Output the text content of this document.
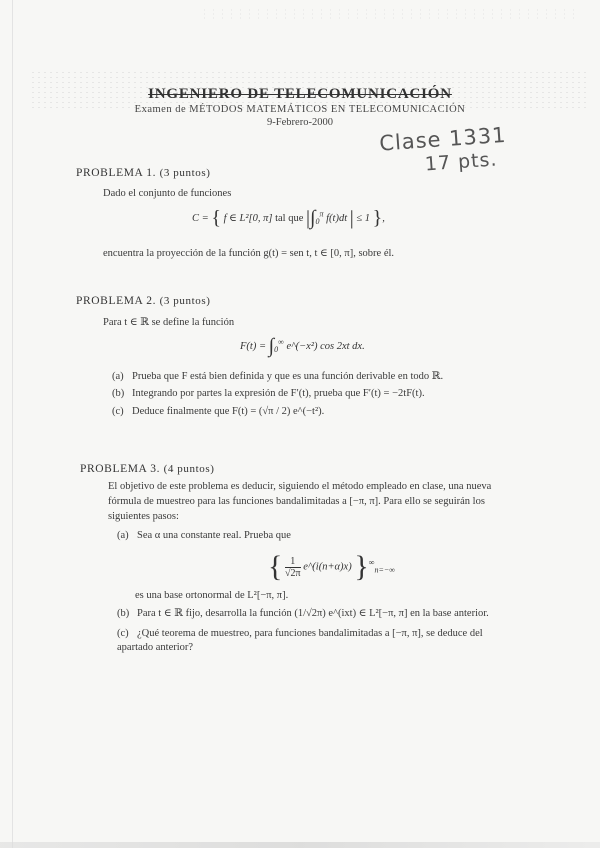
INGENIERO DE TELECOMUNICACIÓN
Examen de MÉTODOS MATEMÁTICOS EN TELECOMUNICACIÓN
9-Febrero-2000
Clase 1331
17 pts.
PROBLEMA 1. (3 puntos)
Dado el conjunto de funciones
C = { f ∈ L²[0, π] tal que $|\int_0^\pi$ f(t)dt | ≤ 1 },
encuentra la proyección de la función g(t) = sen t, t ∈ [0, π], sobre él.
PROBLEMA 2. (3 puntos)
Para t ∈ ℝ se define la función
$F(t) = \int_0^\infty$ e^(−x²) cos 2xt dx.
(a) Prueba que F está bien definida y que es una función derivable en todo ℝ.
(b) Integrando por partes la expresión de F′(t), prueba que F′(t) = −2tF(t).
(c) Deduce finalmente que F(t) = (√π / 2) e^(−t²).
PROBLEMA 3. (4 puntos)
El objetivo de este problema es deducir, siguiendo el método empleado en clase, una nueva fórmula de muestreo para las funciones bandalimitadas a [−π, π]. Para ello se seguirán los siguientes pasos:
(a) Sea α una constante real. Prueba que
{ $\frac{1}{√2\pi}$ e^(i(n+α)x) }$^\infty_{n=-\infty}$
es una base ortonormal de L²[−π, π].
(b) Para t ∈ ℝ fijo, desarrolla la función (1/√2π) e^(ixt) ∈ L²[−π, π] en la base anterior.
(c) ¿Qué teorema de muestreo, para funciones bandalimitadas a [−π, π], se deduce del apartado anterior?
